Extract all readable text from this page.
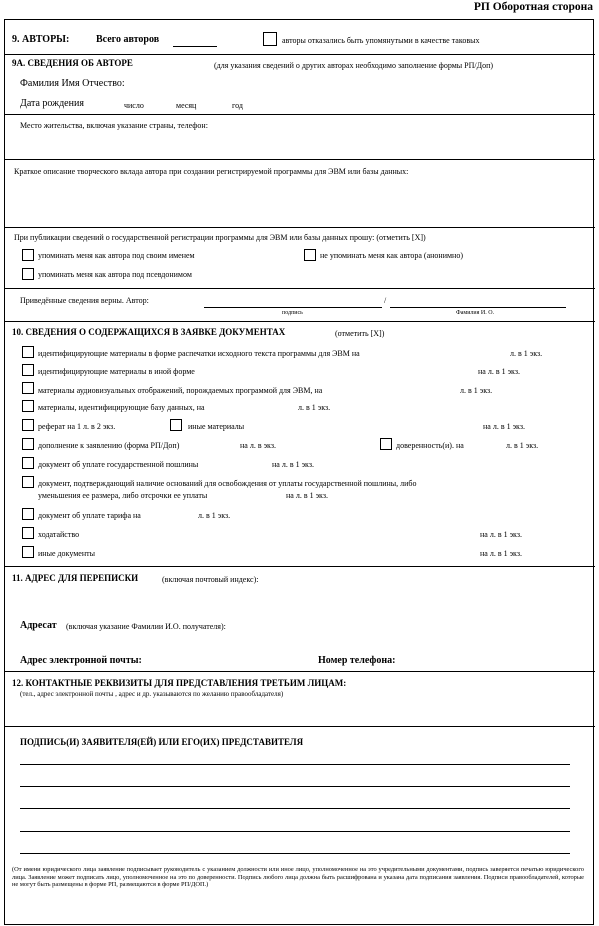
РП Оборотная сторона
9. АВТОРЫ:	Всего авторов	авторы отказались быть упомянутыми в качестве таковых
9А. СВЕДЕНИЯ ОБ АВТОРЕ	(для указания сведений о других авторах необходимо заполнение формы РП/Доп)
Фамилия Имя Отчество:
Дата рождения	число	месяц	год
Место жительства, включая указание страны, телефон:
Краткое описание творческого вклада автора при создании регистрируемой программы для ЭВМ или базы данных:
При публикации сведений о государственной регистрации программы для ЭВМ или базы данных прошу: (отметить [Х])
упоминать меня как автора под своим именем	не упоминать меня как автора (анонимно)
упоминать меня как автора под псевдонимом
Приведённые сведения верны. Автор:	/
подпись	Фамилия И. О.
10. СВЕДЕНИЯ О СОДЕРЖАЩИХСЯ В ЗАЯВКЕ ДОКУМЕНТАХ	(отметить [Х])
идентифицирующие материалы в форме распечатки исходного текста программы для ЭВМ на	л. в 1 экз.
идентифицирующие материалы в иной форме	на л. в 1 экз.
материалы аудиовизуальных отображений, порождаемых программой для ЭВМ, на	л. в 1 экз.
материалы, идентифицирующие базу данных, на	л. в 1 экз.
реферат на 1 л. в 2 экз.	иные материалы	на л. в 1 экз.
дополнение к заявлению (форма РП/Доп)	на л. в экз.	доверенность(и). на	л. в 1 экз.
документ об уплате государственной пошлины	на л. в 1 экз.
документ, подтверждающий наличие оснований для освобождения от уплаты государственной пошлины, либо
уменьшения ее размера, либо отсрочки ее уплаты	на л. в 1 экз.
документ об уплате тарифа на	л. в 1 экз.
ходатайство	на л. в 1 экз.
иные документы	на л. в 1 экз.
11. АДРЕС ДЛЯ ПЕРЕПИСКИ	(включая почтовый индекс):
Адресат (включая указание Фамилии И.О. получателя):
Адрес электронной почты:	Номер телефона:
12. КОНТАКТНЫЕ РЕКВИЗИТЫ ДЛЯ ПРЕДСТАВЛЕНИЯ ТРЕТЬИМ ЛИЦАМ:
(тел., адрес электронной почты , адрес и др. указываются по желанию правообладателя)
ПОДПИСЬ(И) ЗАЯВИТЕЛЯ(ЕЙ) ИЛИ ЕГО(ИХ) ПРЕДСТАВИТЕЛЯ
(От имени юридического лица заявление подписывает руководитель с указанием должности или иное лицо, уполномоченное на это учредительными документами, подпись заверяется печатью юридического лица. Заявление может подписать лицо, уполномоченное на это по доверенности. Подпись любого лица должна быть расшифрована и указана дата подписания заявления. Подписи правообладателей, которые не могут быть размещены в форме РП, размещаются в форме РП/ДОП.)
